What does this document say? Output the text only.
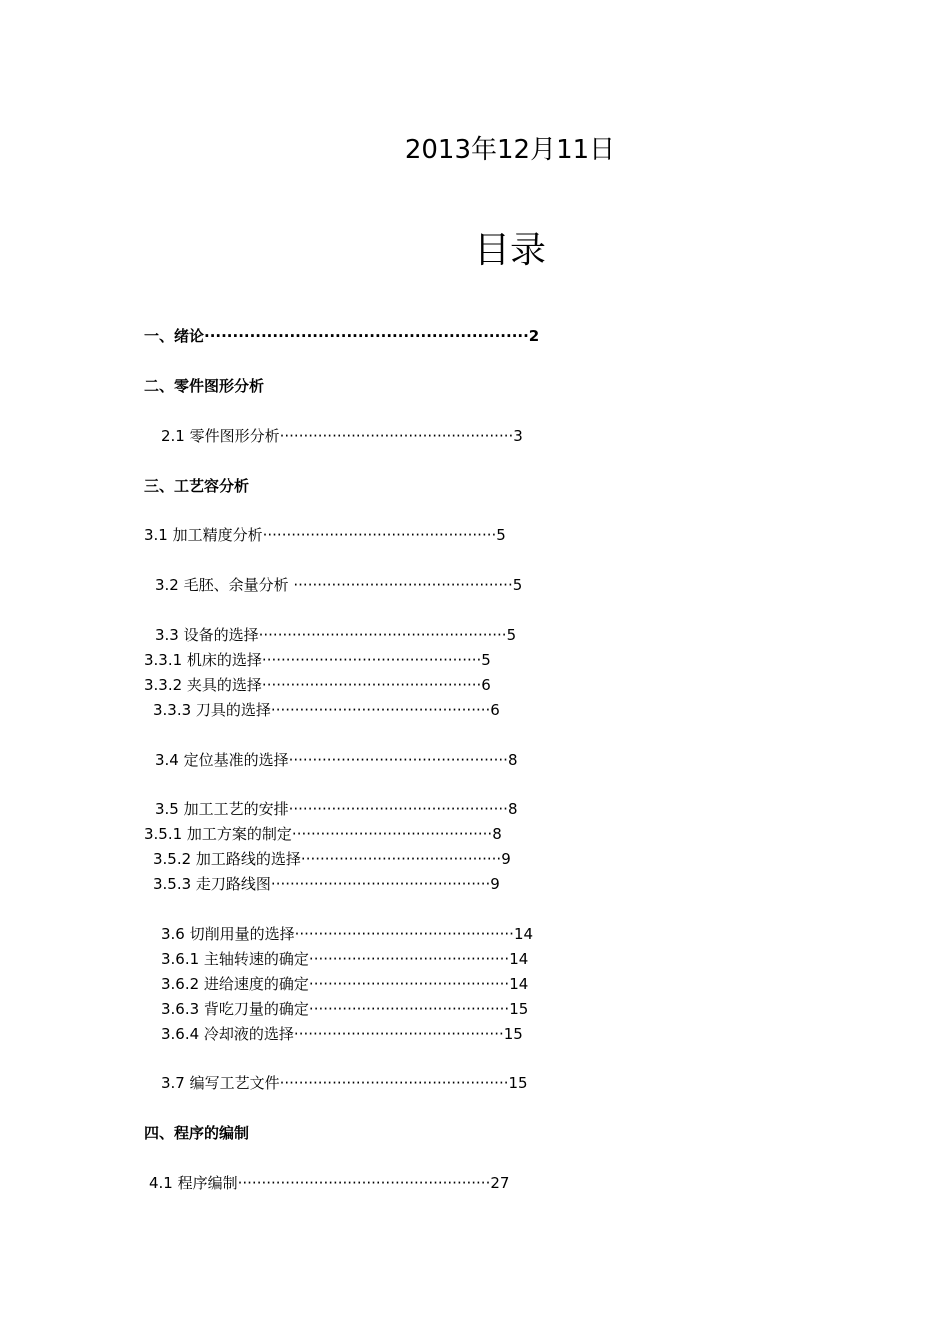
2013年12月11日
目录
一、绪论·························································2
二、零件图形分析
2.1 零件图形分析·················································3
三、工艺容分析
3.1 加工精度分析·················································5
3.2 毛胚、余量分析 ··············································5
3.3 设备的选择····················································5
3.3.1 机床的选择··············································5
3.3.2 夹具的选择··············································6
3.3.3 刀具的选择··············································6
3.4 定位基准的选择··············································8
3.5 加工工艺的安排··············································8
3.5.1 加工方案的制定··········································8
3.5.2 加工路线的选择··········································9
3.5.3 走刀路线图··············································9
3.6 切削用量的选择··············································14
3.6.1 主轴转速的确定··········································14
3.6.2 进给速度的确定··········································14
3.6.3 背吃刀量的确定··········································15
3.6.4 冷却液的选择············································15
3.7 编写工艺文件················································15
四、程序的编制
4.1 程序编制·····················································27
